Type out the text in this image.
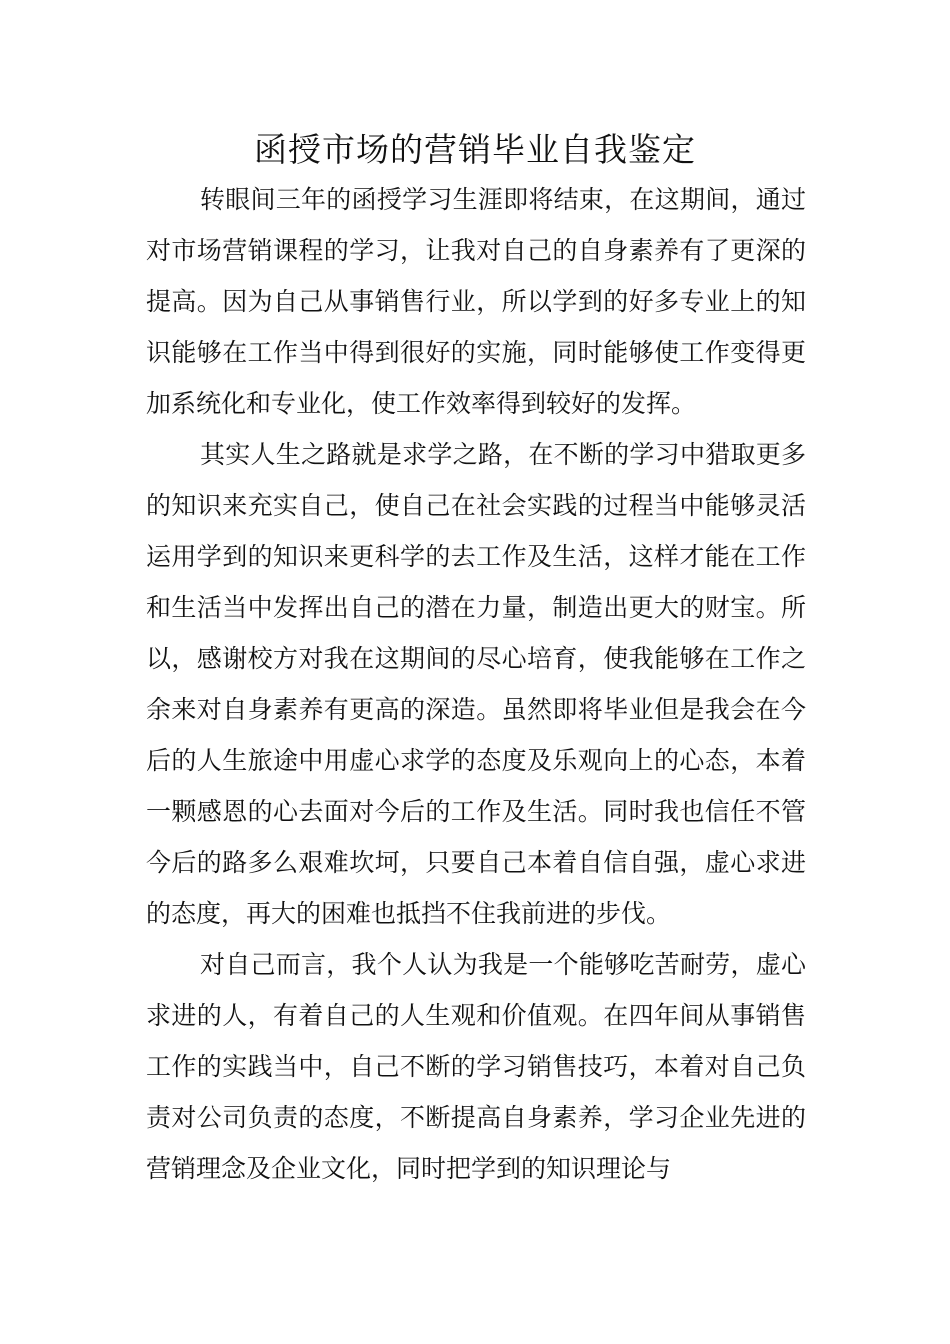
函授市场的营销毕业自我鉴定

转眼间三年的函授学习生涯即将结束，在这期间，通过对市场营销课程的学习，让我对自己的自身素养有了更深的提高。因为自己从事销售行业，所以学到的好多专业上的知识能够在工作当中得到很好的实施，同时能够使工作变得更加系统化和专业化，使工作效率得到较好的发挥。

其实人生之路就是求学之路，在不断的学习中猎取更多的知识来充实自己，使自己在社会实践的过程当中能够灵活运用学到的知识来更科学的去工作及生活，这样才能在工作和生活当中发挥出自己的潜在力量，制造出更大的财宝。所以，感谢校方对我在这期间的尽心培育，使我能够在工作之余来对自身素养有更高的深造。虽然即将毕业但是我会在今后的人生旅途中用虚心求学的态度及乐观向上的心态，本着一颗感恩的心去面对今后的工作及生活。同时我也信任不管今后的路多么艰难坎坷，只要自己本着自信自强，虚心求进的态度，再大的困难也抵挡不住我前进的步伐。

对自己而言，我个人认为我是一个能够吃苦耐劳，虚心求进的人，有着自己的人生观和价值观。在四年间从事销售工作的实践当中，自己不断的学习销售技巧，本着对自己负责对公司负责的态度，不断提高自身素养，学习企业先进的营销理念及企业文化，同时把学到的知识理论与
